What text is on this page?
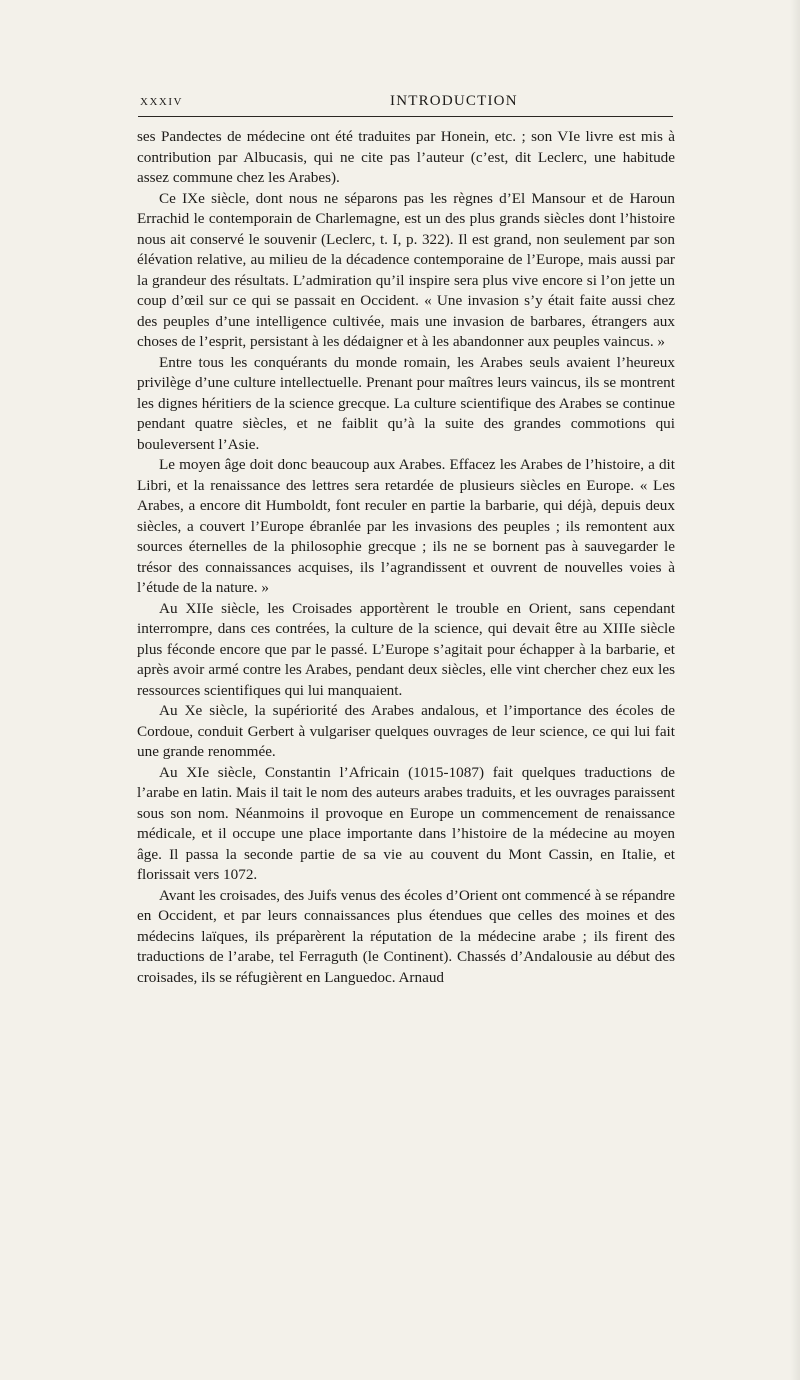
XXXIV	INTRODUCTION

ses Pandectes de médecine ont été traduites par Honein, etc. ; son VIe livre est mis à contribution par Albucasis, qui ne cite pas l’auteur (c’est, dit Leclerc, une habitude assez commune chez les Arabes).

Ce IXe siècle, dont nous ne séparons pas les règnes d’El Mansour et de Haroun Errachid le contemporain de Charlemagne, est un des plus grands siècles dont l’histoire nous ait conservé le souvenir (Leclerc, t. I, p. 322). Il est grand, non seulement par son élévation relative, au milieu de la décadence contemporaine de l’Europe, mais aussi par la grandeur des résultats. L’admiration qu’il inspire sera plus vive encore si l’on jette un coup d’œil sur ce qui se passait en Occident. « Une invasion s’y était faite aussi chez des peuples d’une intelligence cultivée, mais une invasion de barbares, étrangers aux choses de l’esprit, persistant à les dédaigner et à les abandonner aux peuples vaincus. »

Entre tous les conquérants du monde romain, les Arabes seuls avaient l’heureux privilège d’une culture intellectuelle. Prenant pour maîtres leurs vaincus, ils se montrent les dignes héritiers de la science grecque. La culture scientifique des Arabes se continue pendant quatre siècles, et ne faiblit qu’à la suite des grandes commotions qui bouleversent l’Asie.

Le moyen âge doit donc beaucoup aux Arabes. Effacez les Arabes de l’histoire, a dit Libri, et la renaissance des lettres sera retardée de plusieurs siècles en Europe. « Les Arabes, a encore dit Humboldt, font reculer en partie la barbarie, qui déjà, depuis deux siècles, a couvert l’Europe ébranlée par les invasions des peuples ; ils remontent aux sources éternelles de la philosophie grecque ; ils ne se bornent pas à sauvegarder le trésor des connaissances acquises, ils l’agrandissent et ouvrent de nouvelles voies à l’étude de la nature. »

Au XIIe siècle, les Croisades apportèrent le trouble en Orient, sans cependant interrompre, dans ces contrées, la culture de la science, qui devait être au XIIIe siècle plus féconde encore que par le passé. L’Europe s’agitait pour échapper à la barbarie, et après avoir armé contre les Arabes, pendant deux siècles, elle vint chercher chez eux les ressources scientifiques qui lui manquaient.

Au Xe siècle, la supériorité des Arabes andalous, et l’importance des écoles de Cordoue, conduit Gerbert à vulgariser quelques ouvrages de leur science, ce qui lui fait une grande renommée.

Au XIe siècle, Constantin l’Africain (1015-1087) fait quelques traductions de l’arabe en latin. Mais il tait le nom des auteurs arabes traduits, et les ouvrages paraissent sous son nom. Néanmoins il provoque en Europe un commencement de renaissance médicale, et il occupe une place importante dans l’histoire de la médecine au moyen âge. Il passa la seconde partie de sa vie au couvent du Mont Cassin, en Italie, et florissait vers 1072.

Avant les croisades, des Juifs venus des écoles d’Orient ont commencé à se répandre en Occident, et par leurs connaissances plus étendues que celles des moines et des médecins laïques, ils préparèrent la réputation de la médecine arabe ; ils firent des traductions de l’arabe, tel Ferraguth (le Continent). Chassés d’Andalousie au début des croisades, ils se réfugièrent en Languedoc. Arnaud
